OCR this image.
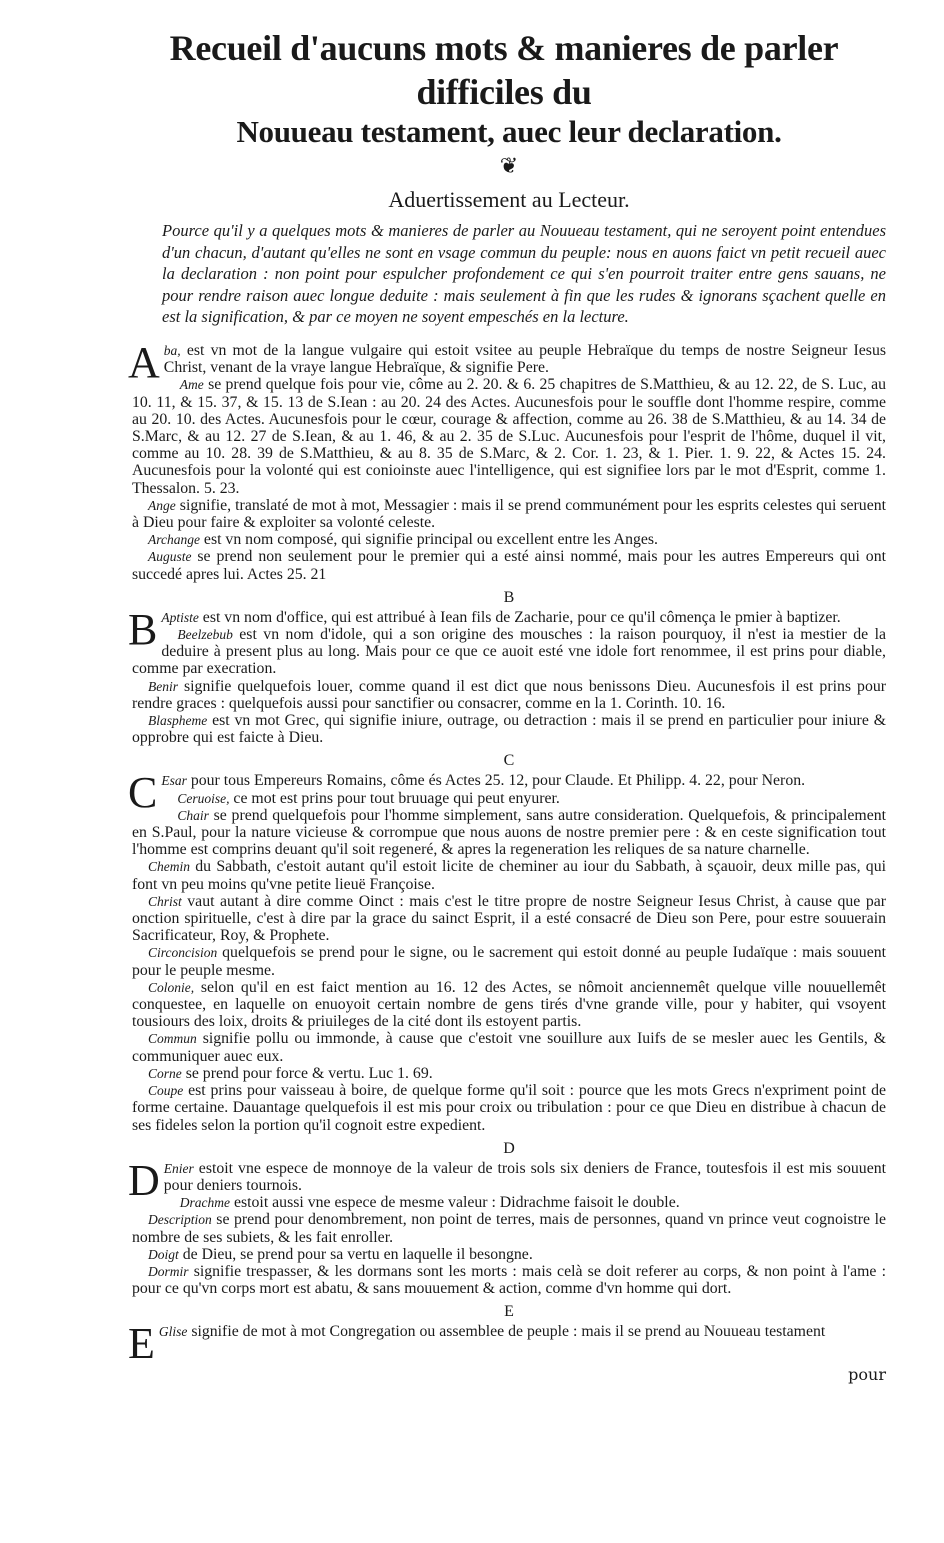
Recueil d'aucuns mots & manieres de parler difficiles du
Nouueau testament, auec leur declaration.
❦
Aduertissement au Lecteur.

Pource qu'il y a quelques mots & manieres de parler au Nouueau testament, qui ne seroyent point entendues d'un chacun, d'autant qu'elles ne sont en vsage commun du peuple: nous en auons faict vn petit recueil auec la declaration : non point pour espulcher profondement ce qui s'en pourroit traiter entre gens sauans, ne pour rendre raison auec longue deduite : mais seulement à fin que les rudes & ignorans sçachent quelle en est la signification, & par ce moyen ne soyent empeschés en la lecture.

Aba, est vn mot de la langue vulgaire qui estoit vsitee au peuple Hebraïque du temps de nostre Seigneur Iesus Christ, venant de la vraye langue Hebraïque, & signifie Pere.

Ame se prend quelque fois pour vie, côme au 2. 20. & 6. 25 chapitres de S.Matthieu, & au 12. 22, de S. Luc, au 10. 11, & 15. 37, & 15. 13 de S.Iean : au 20. 24 des Actes. Aucunesfois pour le souffle dont l'homme respire, comme au 20. 10. des Actes. Aucunesfois pour le cœur, courage & affection, comme au 26. 38 de S.Matthieu, & au 14. 34 de S.Marc, & au 12. 27 de S.Iean, & au 1. 46, & au 2. 35 de S.Luc. Aucunesfois pour l'esprit de l'hôme, duquel il vit, comme au 10. 28. 39 de S.Matthieu, & au 8. 35 de S.Marc, & 2. Cor. 1. 23, & 1. Pier. 1. 9. 22, & Actes 15. 24. Aucunesfois pour la volonté qui est conioinste auec l'intelligence, qui est signifiee lors par le mot d'Esprit, comme 1. Thessalon. 5. 23.

Ange signifie, translaté de mot à mot, Messagier : mais il se prend communément pour les esprits celestes qui seruent à Dieu pour faire & exploiter sa volonté celeste.

Archange est vn nom composé, qui signifie principal ou excellent entre les Anges.

Auguste se prend non seulement pour le premier qui a esté ainsi nommé, mais pour les autres Empereurs qui ont succedé apres lui. Actes 25. 21

B

B Aptiste est vn nom d'office, qui est attribué à Iean fils de Zacharie, pour ce qu'il cômença le pmier à baptizer.

Beelzebub est vn nom d'idole, qui a son origine des mousches : la raison pourquoy, il n'est ia mestier de la deduire à present plus au long. Mais pour ce que ce auoit esté vne idole fort renommee, il est prins pour diable, comme par execration.

Benir signifie quelquefois louer, comme quand il est dict que nous benissons Dieu. Aucunesfois il est prins pour rendre graces : quelquefois aussi pour sanctifier ou consacrer, comme en la 1. Corinth. 10. 16.

Blaspheme est vn mot Grec, qui signifie iniure, outrage, ou detraction : mais il se prend en particulier pour iniure & opprobre qui est faicte à Dieu.

C

C Esar pour tous Empereurs Romains, côme és Actes 25. 12, pour Claude. Et Philipp. 4. 22, pour Neron.

Ceruoise, ce mot est prins pour tout bruuage qui peut enyurer.

Chair se prend quelquefois pour l'homme simplement, sans autre consideration. Quelquefois, & principalement en S.Paul, pour la nature vicieuse & corrompue que nous auons de nostre premier pere : & en ceste signification tout l'homme est comprins deuant qu'il soit regeneré, & apres la regeneration les reliques de sa nature charnelle.

Chemin du Sabbath, c'estoit autant qu'il estoit licite de cheminer au iour du Sabbath, à sçauoir, deux mille pas, qui font vn peu moins qu'vne petite lieuë Françoise.

Christ vaut autant à dire comme Oinct : mais c'est le titre propre de nostre Seigneur Iesus Christ, à cause que par onction spirituelle, c'est à dire par la grace du sainct Esprit, il a esté consacré de Dieu son Pere, pour estre souuerain Sacrificateur, Roy, & Prophete.

Circoncision quelquefois se prend pour le signe, ou le sacrement qui estoit donné au peuple Iudaïque : mais souuent pour le peuple mesme.

Colonie, selon qu'il en est faict mention au 16. 12 des Actes, se nômoit anciennemêt quelque ville nouuellemêt conquestee, en laquelle on enuoyoit certain nombre de gens tirés d'vne grande ville, pour y habiter, qui vsoyent tousiours des loix, droits & priuileges de la cité dont ils estoyent partis.

Commun signifie pollu ou immonde, à cause que c'estoit vne souillure aux Iuifs de se mesler auec les Gentils, & communiquer auec eux.

Corne se prend pour force & vertu. Luc 1. 69.

Coupe est prins pour vaisseau à boire, de quelque forme qu'il soit : pource que les mots Grecs n'expriment point de forme certaine. Dauantage quelquefois il est mis pour croix ou tribulation : pour ce que Dieu en distribue à chacun de ses fideles selon la portion qu'il cognoit estre expedient.

D

D Enier estoit vne espece de monnoye de la valeur de trois sols six deniers de France, toutesfois il est mis souuent pour deniers tournois.

Drachme estoit aussi vne espece de mesme valeur : Didrachme faisoit le double.

Description se prend pour denombrement, non point de terres, mais de personnes, quand vn prince veut cognoistre le nombre de ses subiets, & les fait enroller.

Doigt de Dieu, se prend pour sa vertu en laquelle il besongne.

Dormir signifie trespasser, & les dormans sont les morts : mais celà se doit referer au corps, & non point à l'ame : pour ce qu'vn corps mort est abatu, & sans mouuement & action, comme d'vn homme qui dort.

E

E Glise signifie de mot à mot Congregation ou assemblee de peuple : mais il se prend au Nouueau testament

pour
